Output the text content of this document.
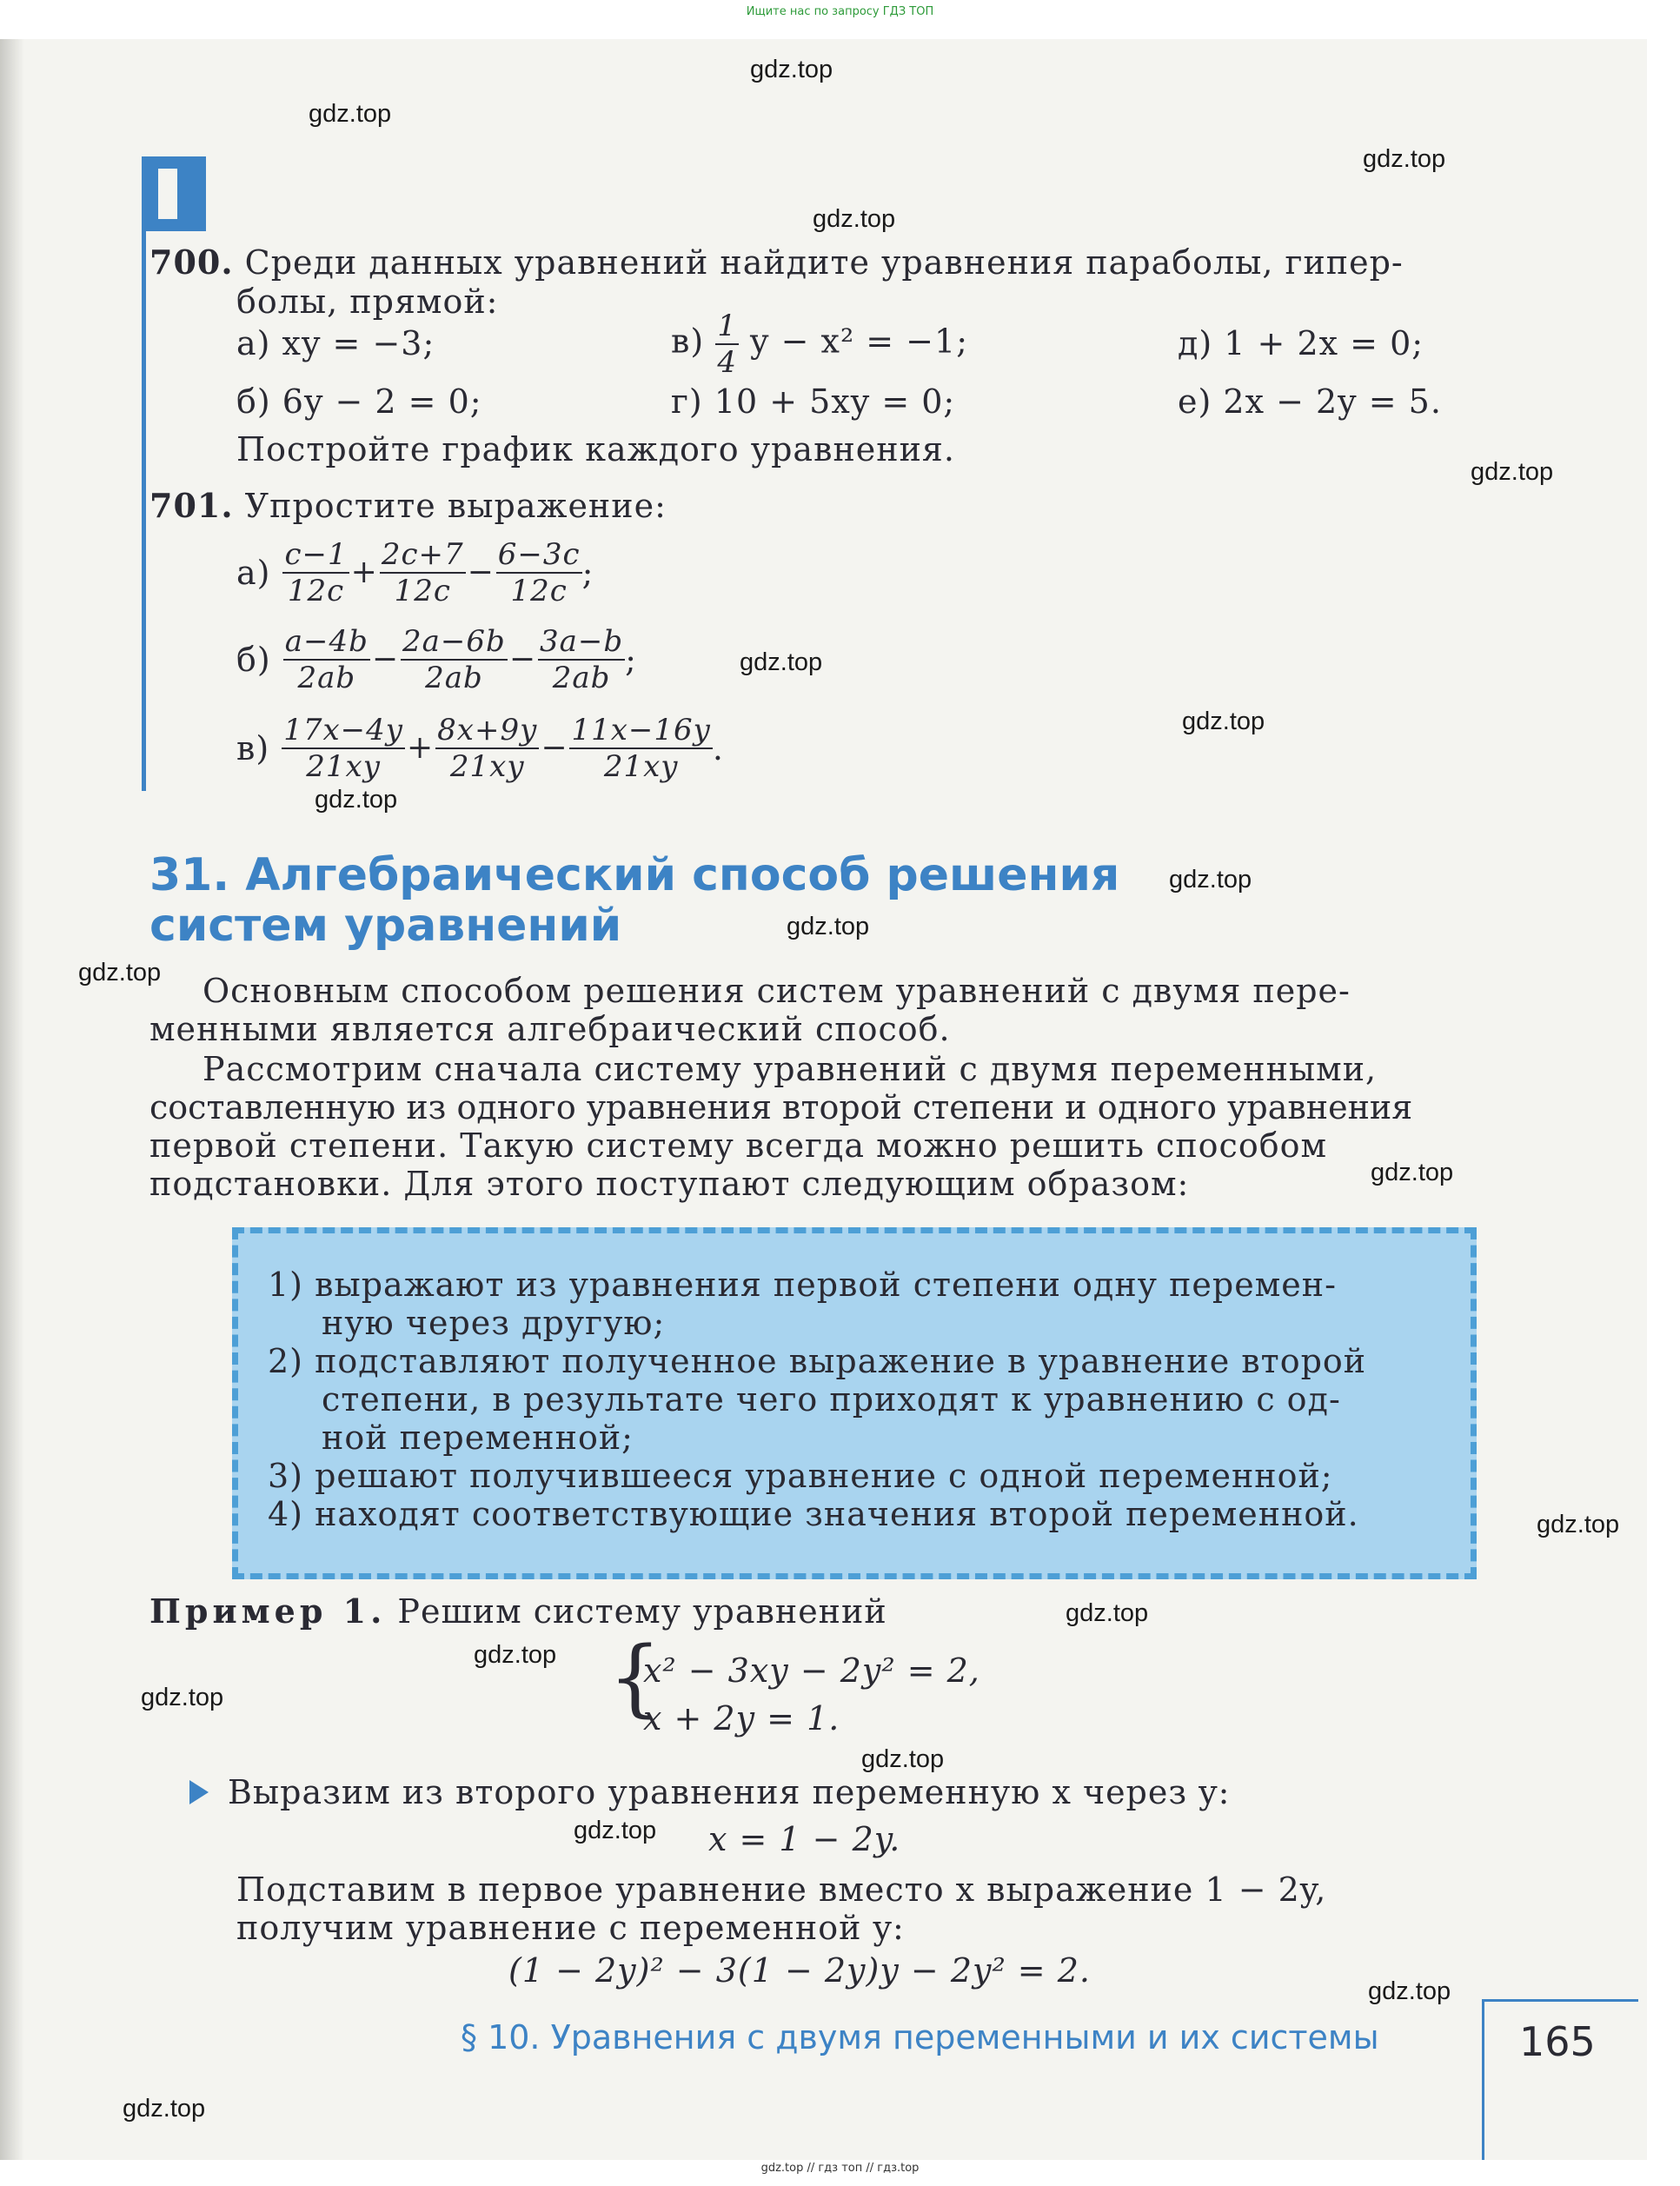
Ищите нас по запросу ГДЗ ТОП
700. Среди данных уравнений найдите уравнения параболы, гипер-
болы, прямой:
а) xy = −3;	$в) \frac{1}{4}$ y − x² = −1;	д) 1 + 2x = 0;
б) 6y − 2 = 0;	г) 10 + 5xy = 0;	е) 2x − 2y = 5.
Постройте график каждого уравнения.
701. Упростите выражение:
$а) \frac{c-1}{12c} + \frac{2c+7}{12c} - \frac{6-3c}{12c}$ ;
$б) \frac{a-4b}{2ab} - \frac{2a-6b}{2ab} - \frac{3a-b}{2ab}$ ;
$в) \frac{17x-4y}{21xy} + \frac{8x+9y}{21xy} - \frac{11x-16y}{21xy}$ .
31. Алгебраический способ решения
систем уравнений
Основным способом решения систем уравнений с двумя пере-
менными является алгебраический способ.
Рассмотрим сначала систему уравнений с двумя переменными,
составленную из одного уравнения второй степени и одного уравнения
первой степени. Такую систему всегда можно решить способом
подстановки. Для этого поступают следующим образом:
1) выражают из уравнения первой степени одну перемен-
ную через другую;
2) подставляют полученное выражение в уравнение второй
степени, в результате чего приходят к уравнению с од-
ной переменной;
3) решают получившееся уравнение с одной переменной;
4) находят соответствующие значения второй переменной.
Пример 1. Решим систему уравнений
{
x² − 3xy − 2y² = 2,
x + 2y = 1.
Выразим из второго уравнения переменную x через y:
x = 1 − 2y.
Подставим в первое уравнение вместо x выражение 1 − 2y,
получим уравнение с переменной y:
(1 − 2y)² − 3(1 − 2y)y − 2y² = 2.
§ 10. Уравнения с двумя переменными и их системы	165
gdz.top
gdz.top
gdz.top
gdz.top
gdz.top
gdz.top
gdz.top
gdz.top
gdz.top
gdz.top
gdz.top
gdz.top
gdz.top
gdz.top
gdz.top
gdz.top
gdz.top
gdz.top
gdz.top
gdz.top
gdz.top // гдз топ // гдз.top
